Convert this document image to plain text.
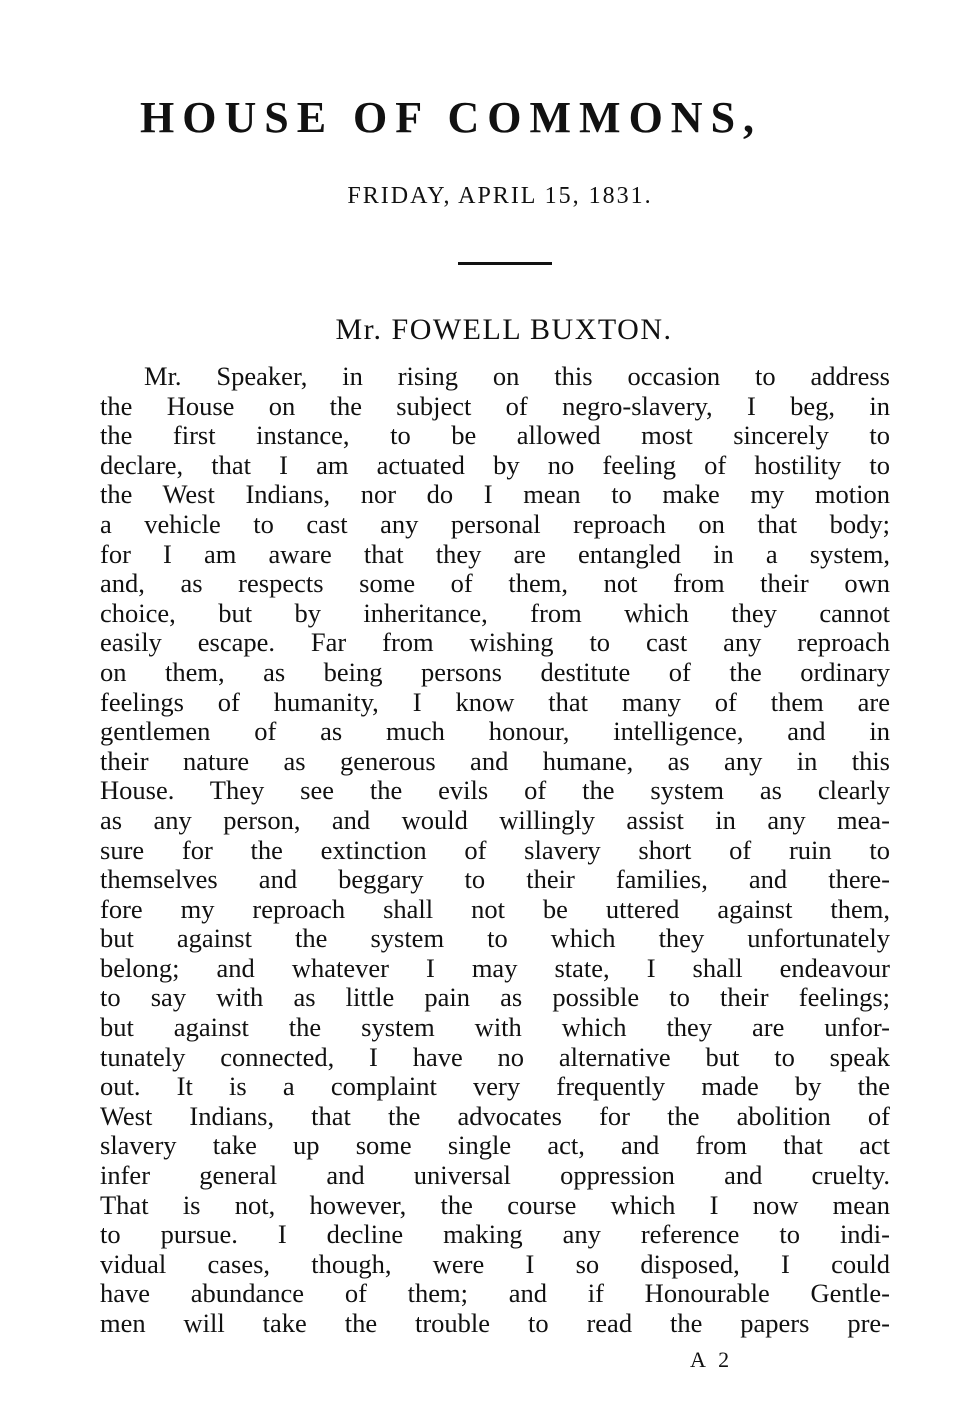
HOUSE OF COMMONS,
FRIDAY, APRIL 15, 1831.
Mr. FOWELL BUXTON.
Mr. Speaker, in rising on this occasion to address
the House on the subject of negro-slavery, I beg, in
the first instance, to be allowed most sincerely to
declare, that I am actuated by no feeling of hostility to
the West Indians, nor do I mean to make my motion
a vehicle to cast any personal reproach on that body;
for I am aware that they are entangled in a system,
and, as respects some of them, not from their own
choice, but by inheritance, from which they cannot
easily escape. Far from wishing to cast any reproach
on them, as being persons destitute of the ordinary
feelings of humanity, I know that many of them are
gentlemen of as much honour, intelligence, and in
their nature as generous and humane, as any in this
House. They see the evils of the system as clearly
as any person, and would willingly assist in any mea-
sure for the extinction of slavery short of ruin to
themselves and beggary to their families, and there-
fore my reproach shall not be uttered against them,
but against the system to which they unfortunately
belong; and whatever I may state, I shall endeavour
to say with as little pain as possible to their feelings;
but against the system with which they are unfor-
tunately connected, I have no alternative but to speak
out. It is a complaint very frequently made by the
West Indians, that the advocates for the abolition of
slavery take up some single act, and from that act
infer general and universal oppression and cruelty.
That is not, however, the course which I now mean
to pursue. I decline making any reference to indi-
vidual cases, though, were I so disposed, I could
have abundance of them; and if Honourable Gentle-
men will take the trouble to read the papers pre-
A 2
